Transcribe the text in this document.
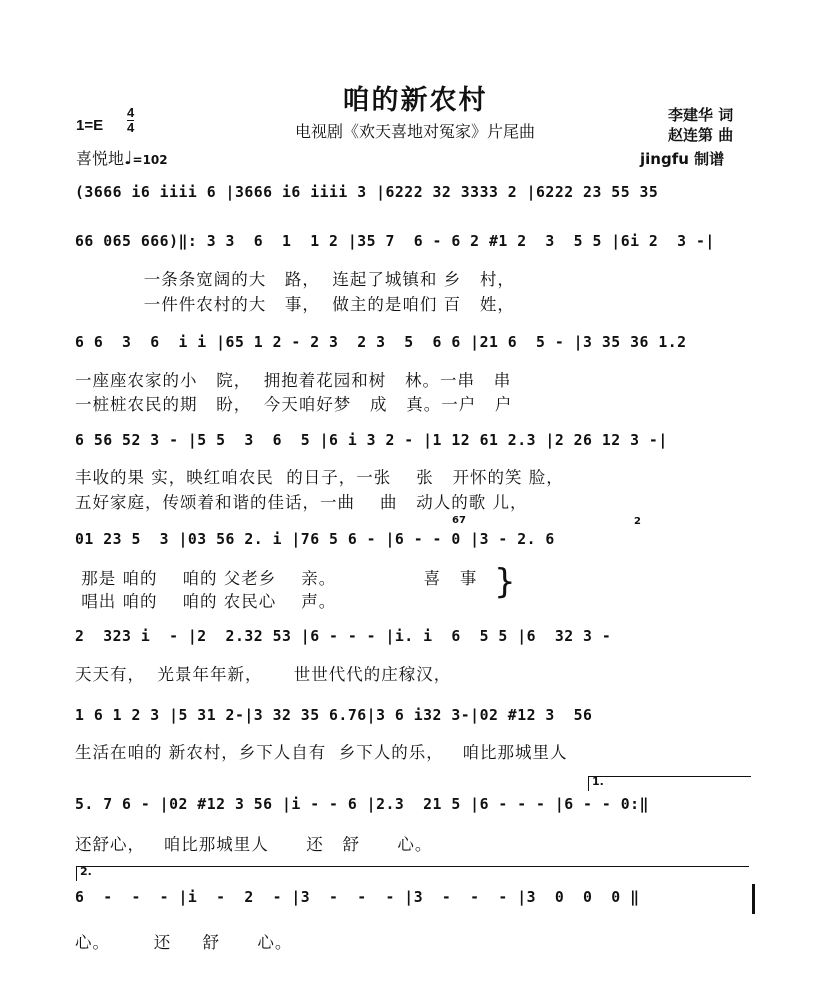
咱的新农村
电视剧《欢天喜地对冤家》片尾曲
1=E
4
4
喜悦地♩=102
李建华 词
赵连第 曲
jingfu 制谱
(3666 i6 iiii 6 |3666 i6 iiii 3 |6222 32 3333 2 |6222 23 55 35
66 065 666)‖: 3 3  6  1  1 2 |35 7  6 - 6 2 #1 2  3  5 5 |6i 2  3 -|
一条条宽阔的大   路，  连起了城镇和 乡   村，
一件件农村的大   事，  做主的是咱们 百   姓，
6 6  3  6  i i |65 1 2 - 2 3  2 3  5  6 6 |21 6  5 - |3 35 36 1.2
一座座农家的小   院，  拥抱着花园和树   林。一串   串
一桩桩农民的期   盼，  今天咱好梦   成   真。一户   户
6 56 52 3 - |5 5  3  6  5 |6 i 3 2 - |1 12 61 2.3 |2 26 12 3 -|
丰收的果 实，映红咱农民  的日子，一张    张   开怀的笑 脸，
五好家庭，传颂着和谐的佳话，一曲    曲   动人的歌 儿，
67	2
01 23 5  3 |03 56 2. i |76 5 6 - |6 - - 0 |3 - 2. 6
那是 咱的    咱的 父老乡    亲。              喜   事
唱出 咱的    咱的 农民心    声。	}
2  323 i  - |2  2.32 53 |6 - - - |i. i  6  5 5 |6  32 3 -
天天有，  光景年年新，     世世代代的庄稼汉，
1 6 1 2 3 |5 31 2-|3 32 35 6.76|3 6 i32 3-|02 #12 3  56
生活在咱的 新农村，乡下人自有  乡下人的乐，   咱比那城里人
1.
5. 7 6 - |02 #12 3 56 |i - - 6 |2.3  21 5 |6 - - - |6 - - 0:‖
还舒心，   咱比那城里人      还   舒      心。
2.
6  -  -  - |i  -  2  - |3  -  -  - |3  -  -  - |3  0  0  0 ‖
心。       还     舒      心。
